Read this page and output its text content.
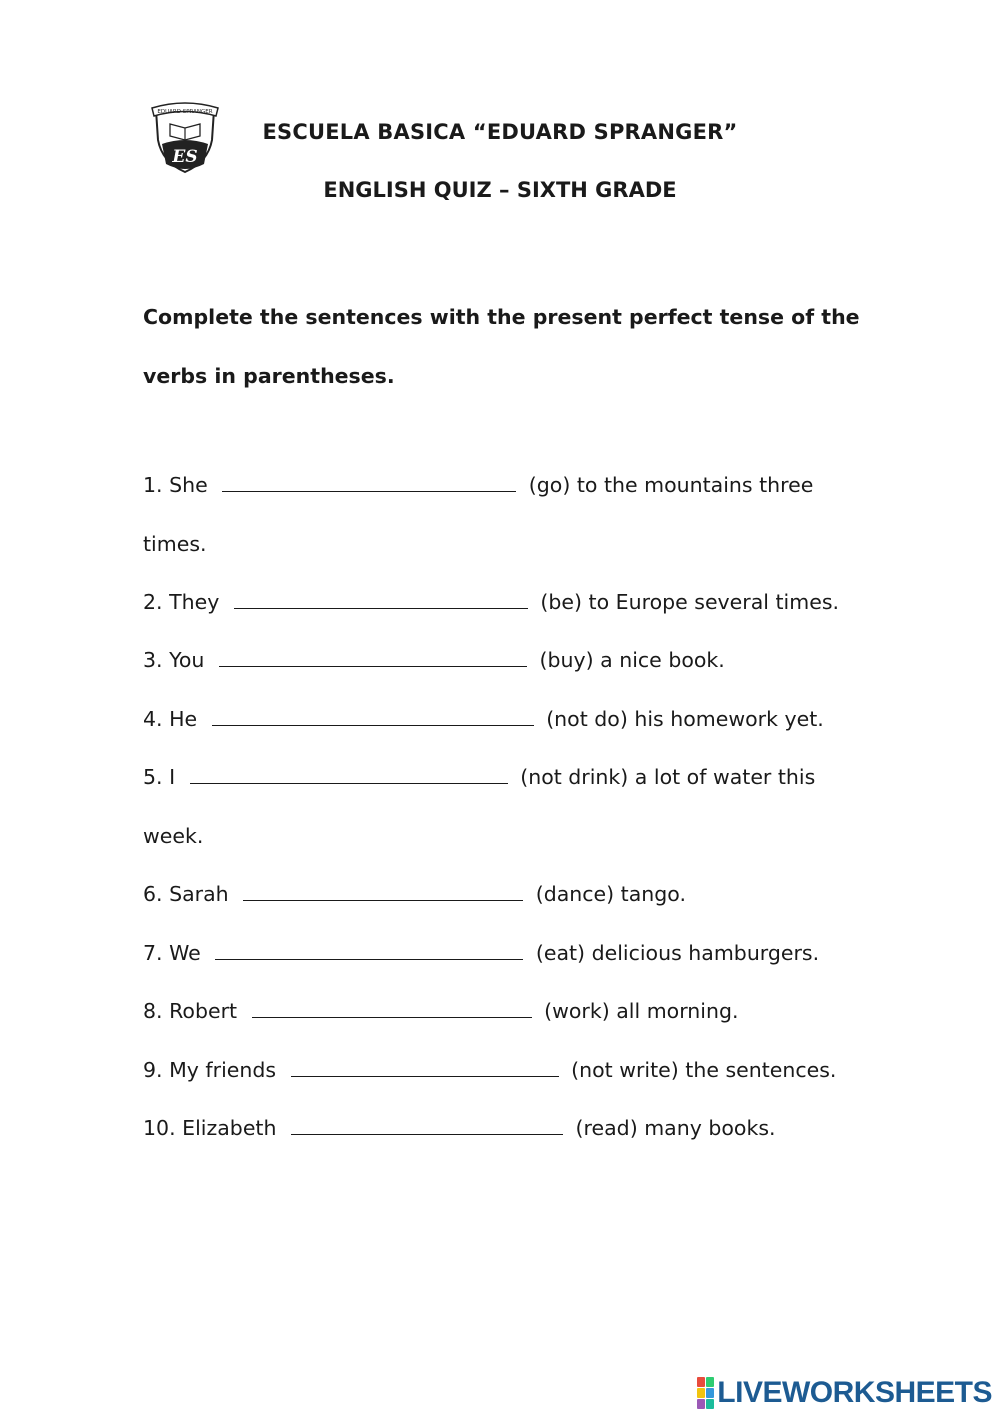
EDUARD SPRANGER
ES
ESCUELA BASICA “EDUARD SPRANGER”
ENGLISH QUIZ – SIXTH GRADE
Complete the sentences with the present perfect tense of the verbs in parentheses.

1. She	(go) to the mountains three times.

2. They	(be) to Europe several times.

3. You	(buy) a nice book.

4. He	(not do) his homework yet.

5. I	(not drink) a lot of water this week.

6. Sarah	(dance) tango.

7. We	(eat) delicious hamburgers.

8. Robert	(work) all morning.

9. My friends	(not write) the sentences.

10. Elizabeth	(read) many books.

LIVEWORKSHEETS
